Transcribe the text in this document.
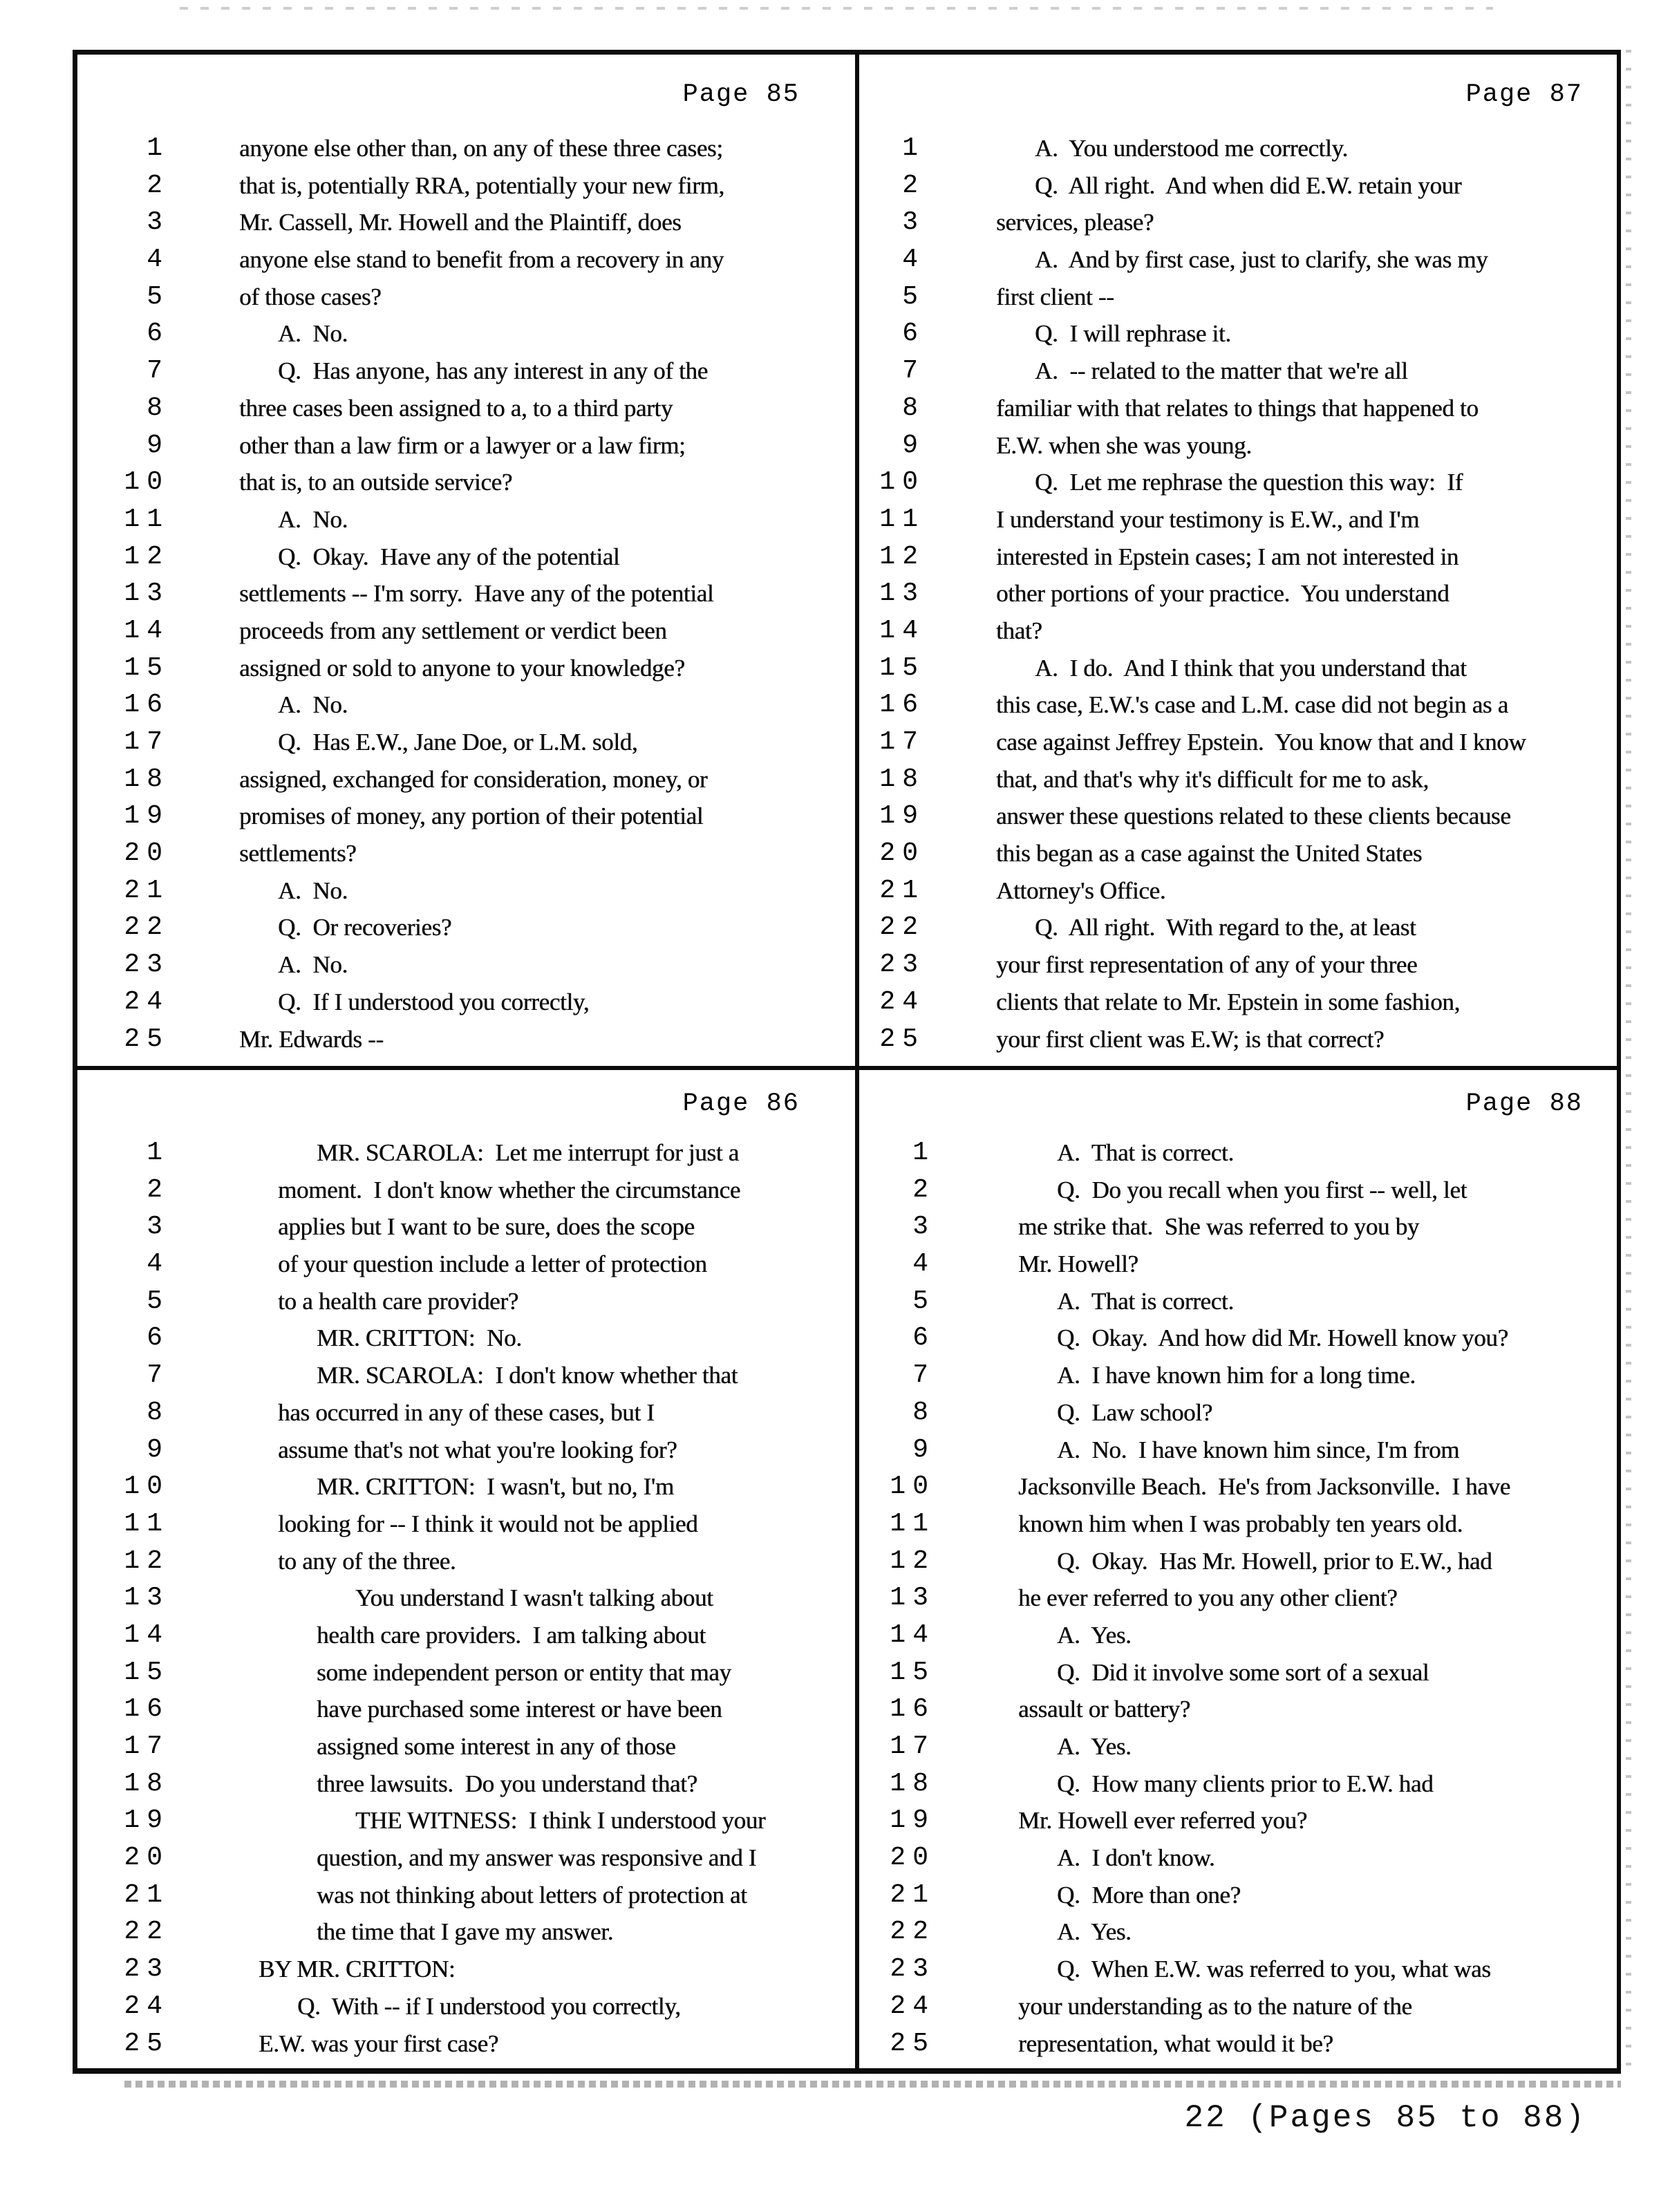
Page 85
1	anyone else other than, on any of these three cases;
2	that is, potentially RRA, potentially your new firm,
3	Mr. Cassell, Mr. Howell and the Plaintiff, does
4	anyone else stand to benefit from a recovery in any
5	of those cases?
6	A.  No.
7	Q.  Has anyone, has any interest in any of the
8	three cases been assigned to a, to a third party
9	other than a law firm or a lawyer or a law firm;
10	that is, to an outside service?
11	A.  No.
12	Q.  Okay.  Have any of the potential
13	settlements -- I'm sorry.  Have any of the potential
14	proceeds from any settlement or verdict been
15	assigned or sold to anyone to your knowledge?
16	A.  No.
17	Q.  Has E.W., Jane Doe, or L.M. sold,
18	assigned, exchanged for consideration, money, or
19	promises of money, any portion of their potential
20	settlements?
21	A.  No.
22	Q.  Or recoveries?
23	A.  No.
24	Q.  If I understood you correctly,
25	Mr. Edwards --
Page 87
1	A.  You understood me correctly.
2	Q.  All right.  And when did E.W. retain your
3	services, please?
4	A.  And by first case, just to clarify, she was my
5	first client --
6	Q.  I will rephrase it.
7	A.  -- related to the matter that we're all
8	familiar with that relates to things that happened to
9	E.W. when she was young.
10	Q.  Let me rephrase the question this way:  If
11	I understand your testimony is E.W., and I'm
12	interested in Epstein cases; I am not interested in
13	other portions of your practice.  You understand
14	that?
15	A.  I do.  And I think that you understand that
16	this case, E.W.'s case and L.M. case did not begin as a
17	case against Jeffrey Epstein.  You know that and I know
18	that, and that's why it's difficult for me to ask,
19	answer these questions related to these clients because
20	this began as a case against the United States
21	Attorney's Office.
22	Q.  All right.  With regard to the, at least
23	your first representation of any of your three
24	clients that relate to Mr. Epstein in some fashion,
25	your first client was E.W; is that correct?
Page 86
1	MR. SCAROLA:  Let me interrupt for just a
2	moment.  I don't know whether the circumstance
3	applies but I want to be sure, does the scope
4	of your question include a letter of protection
5	to a health care provider?
6	MR. CRITTON:  No.
7	MR. SCAROLA:  I don't know whether that
8	has occurred in any of these cases, but I
9	assume that's not what you're looking for?
10	MR. CRITTON:  I wasn't, but no, I'm
11	looking for -- I think it would not be applied
12	to any of the three.
13	You understand I wasn't talking about
14	health care providers.  I am talking about
15	some independent person or entity that may
16	have purchased some interest or have been
17	assigned some interest in any of those
18	three lawsuits.  Do you understand that?
19	THE WITNESS:  I think I understood your
20	question, and my answer was responsive and I
21	was not thinking about letters of protection at
22	the time that I gave my answer.
23	BY MR. CRITTON:
24	Q.  With -- if I understood you correctly,
25	E.W. was your first case?
Page 88
1	A.  That is correct.
2	Q.  Do you recall when you first -- well, let
3	me strike that.  She was referred to you by
4	Mr. Howell?
5	A.  That is correct.
6	Q.  Okay.  And how did Mr. Howell know you?
7	A.  I have known him for a long time.
8	Q.  Law school?
9	A.  No.  I have known him since, I'm from
10	Jacksonville Beach.  He's from Jacksonville.  I have
11	known him when I was probably ten years old.
12	Q.  Okay.  Has Mr. Howell, prior to E.W., had
13	he ever referred to you any other client?
14	A.  Yes.
15	Q.  Did it involve some sort of a sexual
16	assault or battery?
17	A.  Yes.
18	Q.  How many clients prior to E.W. had
19	Mr. Howell ever referred you?
20	A.  I don't know.
21	Q.  More than one?
22	A.  Yes.
23	Q.  When E.W. was referred to you, what was
24	your understanding as to the nature of the
25	representation, what would it be?
22 (Pages 85 to 88)
